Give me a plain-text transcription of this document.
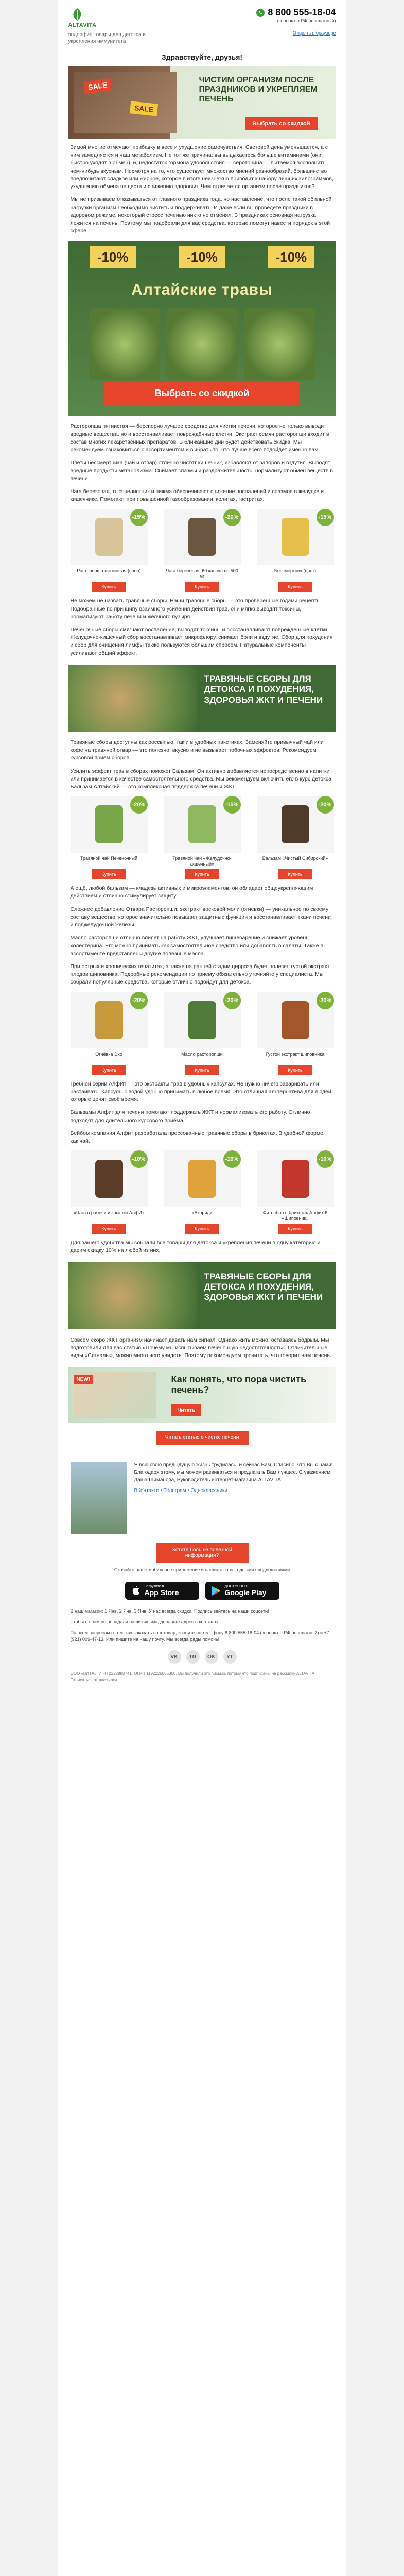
ALTAVITA
эндорфин товары для детокса и укрепления иммунитета
8 800 555-18-04
(звонок по РФ бесплатный)
Открыть в браузере
Здравствуйте, друзья!
SALE
SALE
ЧИСТИМ ОРГАНИЗМ ПОСЛЕ ПРАЗДНИКОВ И УКРЕПЛЯЕМ ПЕЧЕНЬ
Выбрать со скидкой
Зимой многие отмечают прибавку в весе и ухудшение самочувствия. Световой день уменьшается, а с ним замедляется и наш метаболизм. Не тот же причина: вы выдыхаетесь больше витаминами (они быстро уходят в обмен), и, недостаток гормона удовольствия — серотонина — пытаемся восполнить чем-нибудь вкусным. Несмотря на то, что существует множество мнений разнообразий, большинство предпочитают сладкое или жирное, которое в итоге неизбежно приводит к набору лишних килограммов, ухудшению обмена веществ и снижению здоровья. Чем отличается организм после праздников?
Мы не призываем отказываться от главного праздника года, но наставление, что после такой обильной нагрузки организм необходимо чистить и поддерживать. И даже если вы проведёте праздники в здоровом режиме, некоторый стресс печенью никто не отменял. В праздниках основная нагрузка ложится на печень. Поэтому мы подобрали для вас средства, которые помогут навести порядок в этой сфере.
-10%	-10%	-10%
Алтайские травы
Выбрать со скидкой
Расторопша пятнистая — бесспорно лучшее средство для чистки печени, которое не только выводит вредные вещества, но и восстанавливает повреждённые клетки. Экстракт семян расторопши входит в состав многих лекарственных препаратов. В ближайшие дни будет действовать скидка. Мы рекомендуем ознакомиться с ассортиментом и выбрать то, что лучше всего подойдёт именно вам.
Цветы бессмертника (чай и отвар) отлично чистят кишечник, избавляют от запоров и вздутия. Выводят вредные продукты метаболизма. Снимает спазмы и раздражительность, нормализуют обмен веществ в печени.
Чага березовая, тысячелистник и пижма обеспечивают снижение воспалений и спазмов в желудке и кишечнике. Помогают при повышенной газообразовании, колитах, гастритах.
-15%
Расторопша пятнистая (сбор)
Купить
-20%
Чага березовая, 60 капсул по 500 мг
Купить
-15%
Бессмертник (цвет)
Купить
Не можем не назвать травяные сборы. Наши травяные сборы — это проверенные годами рецепты. Подобранные по принципу взаимного усиления действия трав, они мягко выводят токсины, нормализуют работу печени и желчного пузыря.
Печеночные сборы смягчают воспаление, выводят токсины и восстанавливают повреждённые клетки. Желудочно-кишечный сбор восстанавливает микрофлору, снимает боли и вздутие. Сбор для похудения и сбор для очищения лимфы также пользуются большим спросом. Натуральные компоненты усиливают общий эффект.
ТРАВЯНЫЕ СБОРЫ ДЛЯ ДЕТОКСА И ПОХУДЕНИЯ, ЗДОРОВЬЯ ЖКТ И ПЕЧЕНИ
Травяные сборы доступны как россыпью, так и в удобных пакетиках. Заменяйте привычный чай или кофе на травяной отвар — это полезно, вкусно и не вызывает побочных эффектов. Рекомендуем курсовой приём сборов.
Усилить эффект трав в сборах поможет Бальзам. Он активно добавляется непосредственно в напитки или принимается в качестве самостоятельного средства. Мы рекомендуем включить его в курс детокса. Бальзам Алтайский — это комплексная поддержка печени и ЖКТ.
-20%
Травяной чай Печеночный
Купить
-15%
Травяной чай «Желудочно-кишечный»
Купить
-20%
Бальзам «Чистый Сибирский»
Купить
А ещё, любой бальзам — кладезь активных и микроэлементов, он обладает общеукрепляющим действием и отлично стимулирует защиту.
Сложнее добавление Отвара Расторопши: экстракт восковой моли (огнёвки) — уникальное по своему составу вещество, которое значительно повышает защитные функции и восстанавливает ткани печени и поджелудочной железы.
Масло расторопши отлично влияет на работу ЖКТ, улучшает пищеварение и снижает уровень холестерина. Его можно принимать как самостоятельное средство или добавлять в салаты. Также в ассортименте представлены другие полезные масла.
При острых и хронических гепатитах, а также на ранней стадии цирроза будет полезен густой экстракт плодов шиповника. Подробные рекомендации по приёму обязательно уточняйте у специалиста. Мы собрали популярные средства, которые отлично подойдут для детокса.
-20%
Огнёвка Эхо
Купить
-20%
Масло расторопши
Купить
-20%
Густой экстракт шиповника
Купить
Гребной серии АлфИт — это экстракты трав в удобных капсулах. Не нужно ничего заваривать или настаивать. Капсулы с водой удобно принимать в любое время. Это отличная альтернатива для людей, которые ценят своё время.
Бальзамы Алфит для печени помогают поддержать ЖКТ и нормализовать его работу. Отлично подходят для длительного курсового приёма.
Бейбом компания Алфит разработала прессованные травяные сборы в брикетах. В удобной форме, как чай.
-10%
«Чага в рабоч» и крышки АлфИт
Купить
-10%
«Акорид»
Купить
-10%
Фитосбор в брикетах Алфит 6 «Шиповник»
Купить
Для вашего удобства мы собрали все товары для детокса и укрепления печени в одну категорию и дарим скидку 10% на любой из них.
ТРАВЯНЫЕ СБОРЫ ДЛЯ ДЕТОКСА И ПОХУДЕНИЯ, ЗДОРОВЬЯ ЖКТ И ПЕЧЕНИ
Совсем скоро ЖКТ организм начинает давать нам сигнал. Однако жить можно, оставаясь бодрым. Мы подготовили для вас статью «Почему мы испытываем печёночную недостаточность». Отличительные виды «Сигналы», можно много чего увидеть. Поэтому рекомендуем прочитать, что говорит нам печень.
NEW!	Как понять, что пора чистить печень?
Читать
Читать статью о чистке печени
Я всю свою предыдущую жизнь трудилась, и сейчас Вам, Спасибо, что Вы с нами! Благодаря этому, мы можем развиваться и предлагать Вам лучшее. С уважением, Даша Шиманова, Руководитель интернет-магазина ALTAVITA
ВКонтакте • Телеграм • Одноклассники
Хотите больше полезной информации?
Скачайте наше мобильное приложение и следите за выгодными предложениями
Загрузите в
App Store
ДОСТУПНО В
Google Play
В наш магазин: 1 Янв, 2 Янв, 3 Янв. У нас всегда скидки. Подписывайтесь на наши соцсети!
Чтобы в спам не попадали наши письма, добавьте адрес в контакты.
По всем вопросам о том, как заказать ваш товар, звоните по телефону 8 800 555-18-04 (звонок по РФ бесплатный) и +7 (921) 009-47-13. Или пишите на нашу почту. Мы всегда рады помочь!
VK	TG	OK	YT
ООО «ВИТА», ИНН 2222880741, ОГРН 1192225005360. Вы получили это письмо, потому что подписаны на рассылку ALTAVITA. Отписаться от рассылки.
